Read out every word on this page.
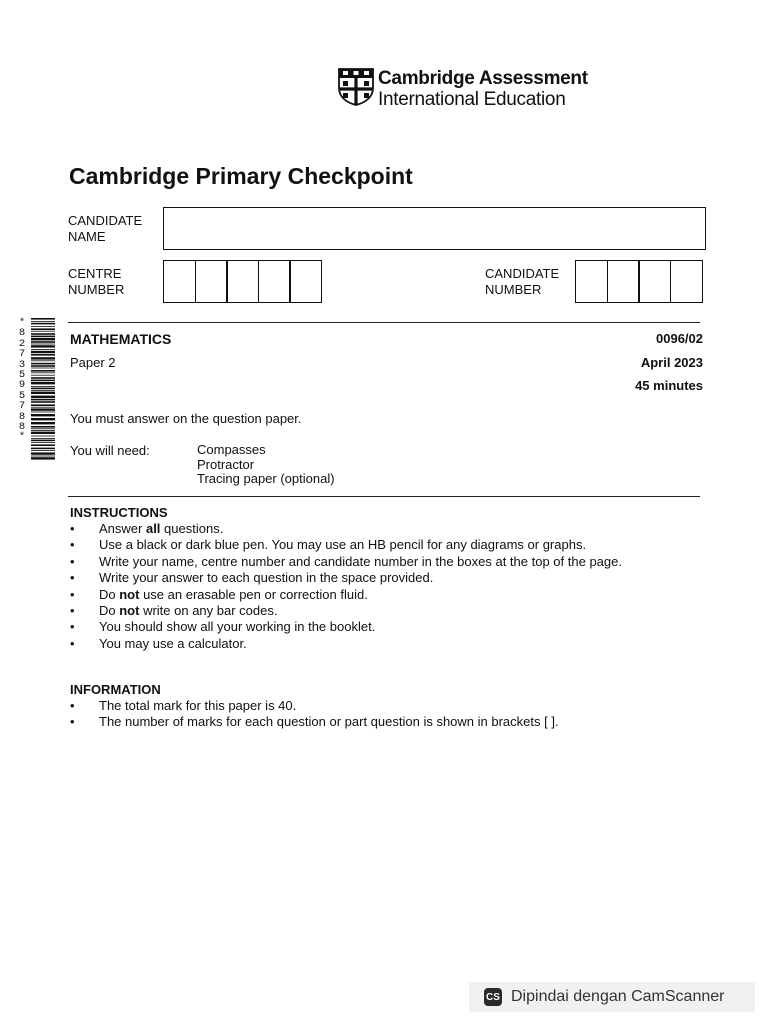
Cambridge Assessment
International Education
Cambridge Primary Checkpoint
CANDIDATE
NAME
CENTRE
NUMBER
CANDIDATE
NUMBER
*8273595788*
MATHEMATICS
Paper 2
0096/02
April 2023
45 minutes
You must answer on the question paper.
You will need:	Compasses
Protractor
Tracing paper (optional)
INSTRUCTIONS
• Answer all questions.
• Use a black or dark blue pen. You may use an HB pencil for any diagrams or graphs.
• Write your name, centre number and candidate number in the boxes at the top of the page.
• Write your answer to each question in the space provided.
• Do not use an erasable pen or correction fluid.
• Do not write on any bar codes.
• You should show all your working in the booklet.
• You may use a calculator.
INFORMATION
• The total mark for this paper is 40.
• The number of marks for each question or part question is shown in brackets [ ].
CS Dipindai dengan CamScanner
